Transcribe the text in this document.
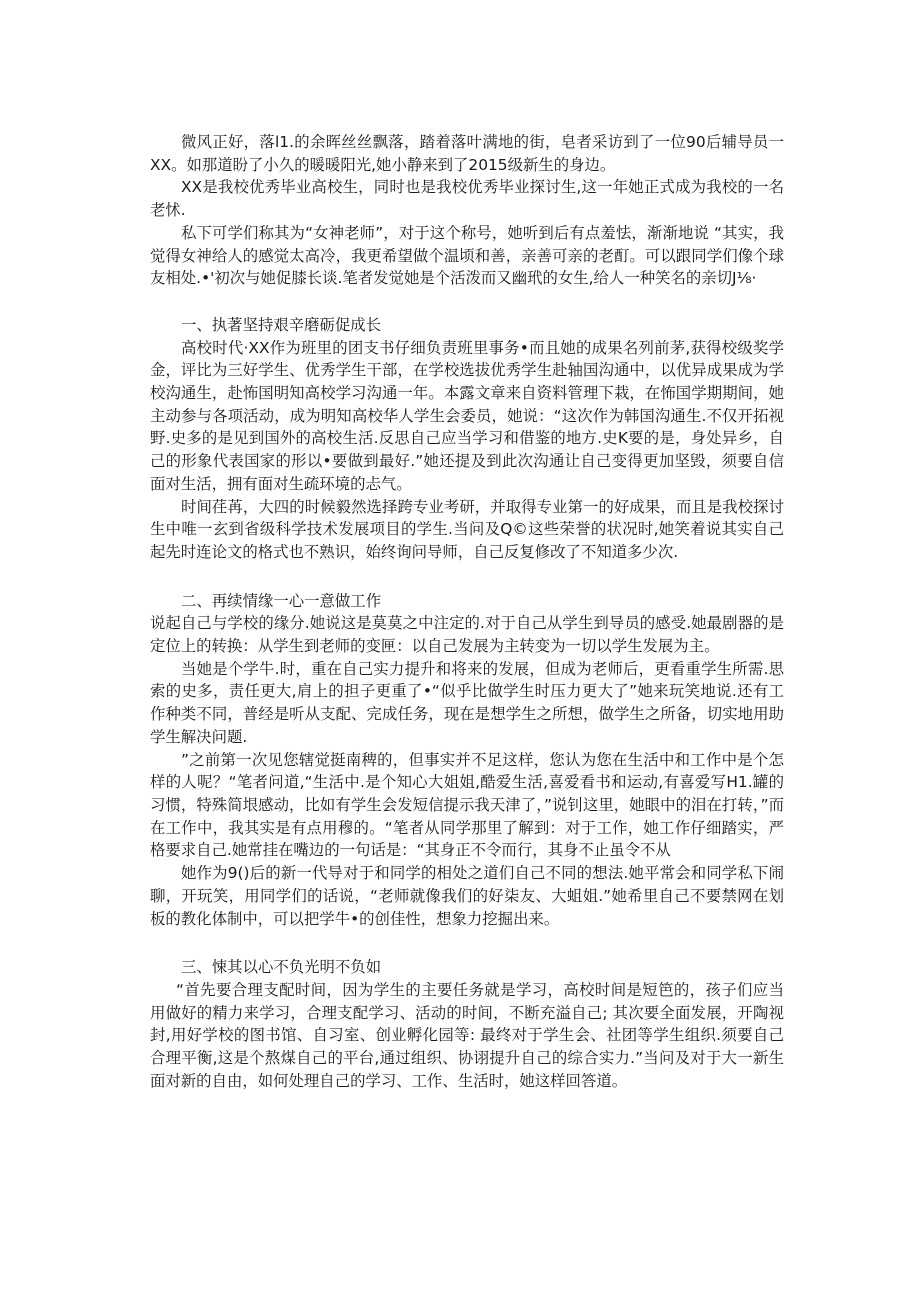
微风正好，落l1.的余晖丝丝飘落，踏着落叶满地的街，皂者采访到了一位90后辅导员一XX。如那道盼了小久的暖暖阳光,她小静来到了2015级新生的身边。

XX是我校优秀毕业高校生，同时也是我校优秀毕业探讨生,这一年她正式成为我校的一名老怵.

私下可学们称其为“女神老师”，对于这个称号，她听到后有点羞怯，渐渐地说 “其实，我觉得女神给人的感觉太高冷，我更希望做个温顷和善，亲善可亲的老酊。可以跟同学们像个球友相处.•'初次与她促膝长谈.笔者发觉她是个活泼而又幽玳的女生,给人一种笑名的亲切J⅛·

一、执著坚持艰辛磨砺促成长

高校时代·XX作为班里的团支书仔细负责班里事务•而且她的成果名列前茅,获得校级奖学金，评比为三好学生、优秀学生干部，在学校选拔优秀学生赴轴国沟通中，以优异成果成为学校沟通生，赴怖国明知高校学习沟通一年。本露文章来自资料管理下栽，在怖国学期期间，她主动参与各项活动，成为明知高校华人学生会委员，她说：“这次作为韩国沟通生.不仅开拓视野.史多的是见到国外的高校生活.反思自己应当学习和借鉴的地方.史K要的是，身处异乡，自己的形象代表国家的形以•要做到最好.”她还提及到此次沟通让自己变得更加坚毁，须要自信面对生活，拥有面对生疏环境的忐气。

时间荏苒，大四的时候毅然选择跨专业考研，并取得专业第一的好成果，而且是我校探讨生中唯一玄到省级科学技术发展项目的学生.当问及Q©这些荣誉的状况时,她笑着说其实自己起先时连论文的格式也不熟识，始终询问导师，自己反复修改了不知道多少次.

二、再续情缘一心一意做工作

说起自己与学校的缘分.她说这是莫莫之中注定的.对于自己从学生到导员的感受.她最剧器的是定位上的转换：从学生到老师的变匣：以自己发展为主转变为一切以学生发展为主。

当她是个学牛.时，重在自己实力提升和将来的发展，但成为老师后，更看重学生所需.思索的史多，责任更大,肩上的担子更重了•“似乎比做学生时压力更大了”她来玩笑地说.还有工作种类不同，普经是听从支配、完成任务，现在是想学生之所想，做学生之所备，切实地用助学生解决问题.

”之前第一次见您辖觉挺南稗的，但事实并不足这样，您认为您在生活中和工作中是个怎样的人呢？“笔者问道,“生活中.是个知心大姐姐,酷爱生活,喜爱看书和运动,有喜爱写H1.罐的习惯，特殊简垠感动，比如有学生会发短信提示我天津了，”说钊这里，她眼中的泪在打转，”而在工作中，我其实是有点用穆的。“笔者从同学那里了解到：对于工作，她工作仔细踏实，严格要求自己.她常挂在嘴边的一句话是：“其身正不令而行，其身不止虽令不从

她作为9()后的新一代导对于和同学的相处之道们自己不同的想法.她平常会和同学私下闹聊，开玩笑，用同学们的话说，“老师就像我们的好柒友、大蛆姐.”她希里自己不要禁网在划板的教化体制中，可以把学牛•的创佳性，想象力挖掘出来。

三、悚其以心不负光明不负如

“首先要合理支配时间，因为学生的主要任务就是学习，高校时间是短笆的，孩子们应当用做好的精力来学习，合理支配学习、活动的时间，不断充溢自己; 其次要全面发展，开陶视封,用好学校的图书馆、自习室、创业孵化园等: 最终对于学生会、社团等学生组织.须要自己合理平衡,这是个熬煤自己的平台,通过组织、协诩提升自己的综合实力.”当问及对于大一新生面对新的自由，如何处理自己的学习、工作、生活时，她这样回答道。
